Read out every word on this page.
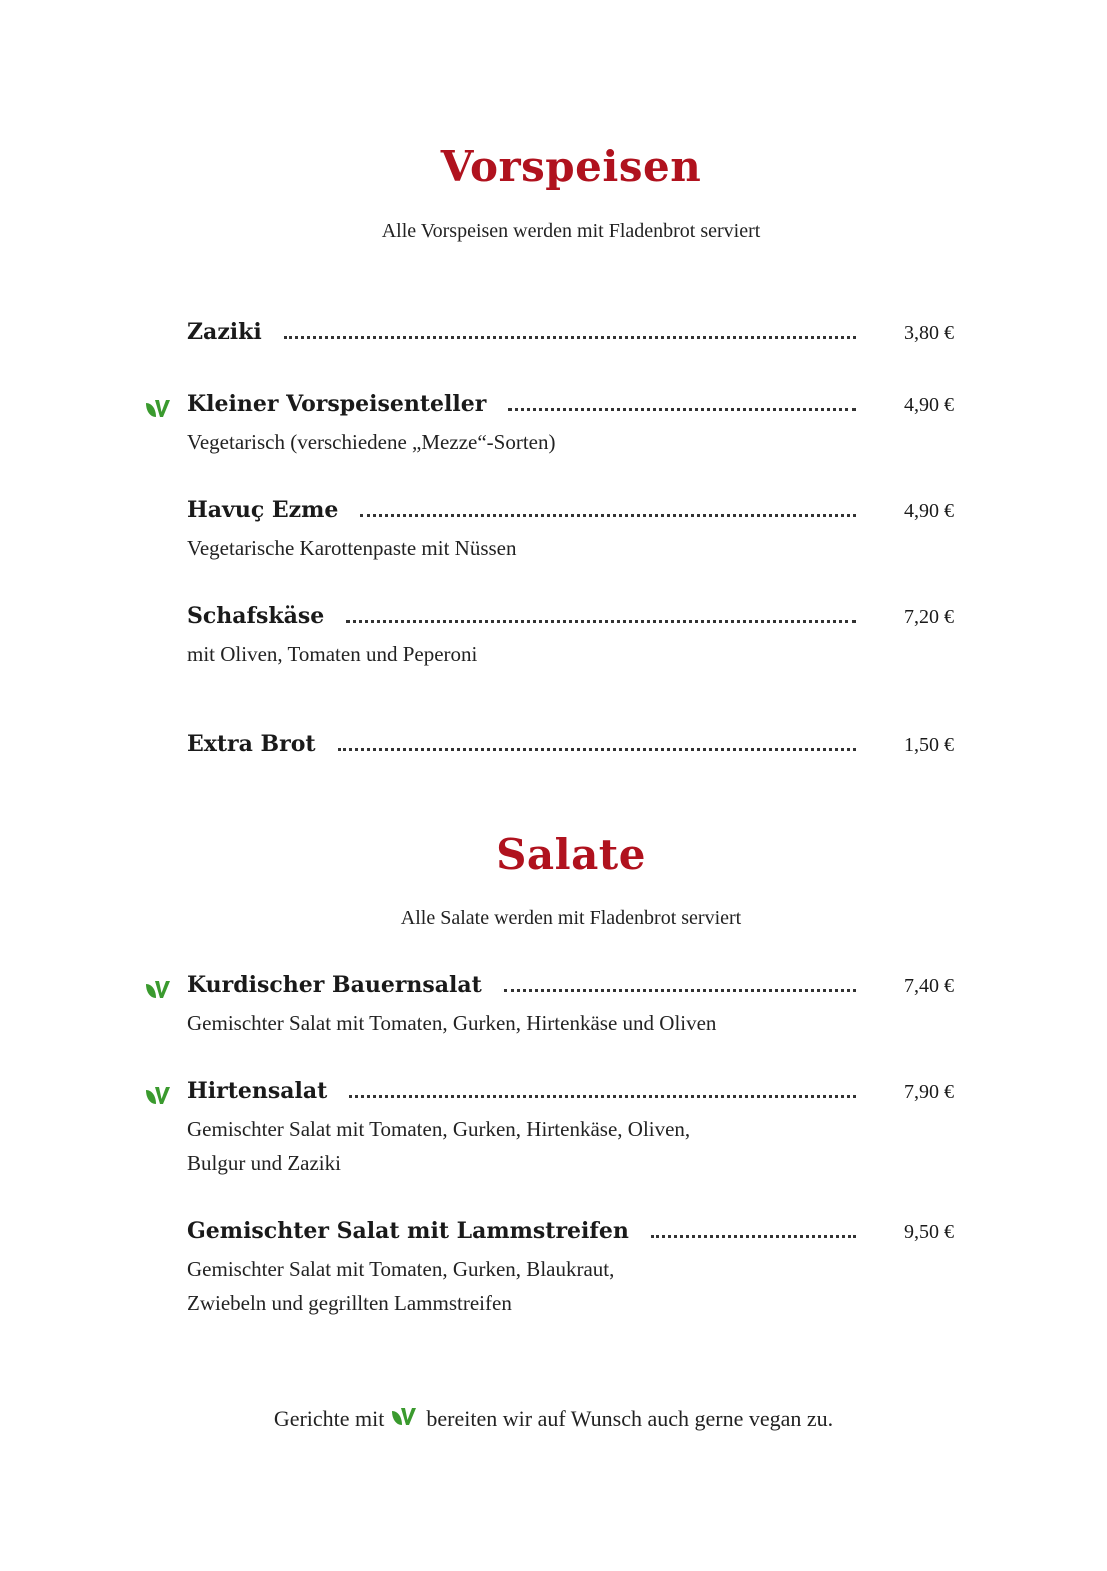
Vorspeisen
Alle Vorspeisen werden mit Fladenbrot serviert
Zaziki	3,80 €
Kleiner Vorspeisenteller	4,90 €
Vegetarisch (verschiedene „Mezze“-Sorten)
Havuç Ezme	4,90 €
Vegetarische Karottenpaste mit Nüssen
Schafskäse	7,20 €
mit Oliven, Tomaten und Peperoni
Extra Brot	1,50 €
Salate
Alle Salate werden mit Fladenbrot serviert
Kurdischer Bauernsalat	7,40 €
Gemischter Salat mit Tomaten, Gurken, Hirtenkäse und Oliven
Hirtensalat	7,90 €
Gemischter Salat mit Tomaten, Gurken, Hirtenkäse, Oliven,
Bulgur und Zaziki
Gemischter Salat mit Lammstreifen	9,50 €
Gemischter Salat mit Tomaten, Gurken, Blaukraut,
Zwiebeln und gegrillten Lammstreifen
Gerichte mit bereiten wir auf Wunsch auch gerne vegan zu.
